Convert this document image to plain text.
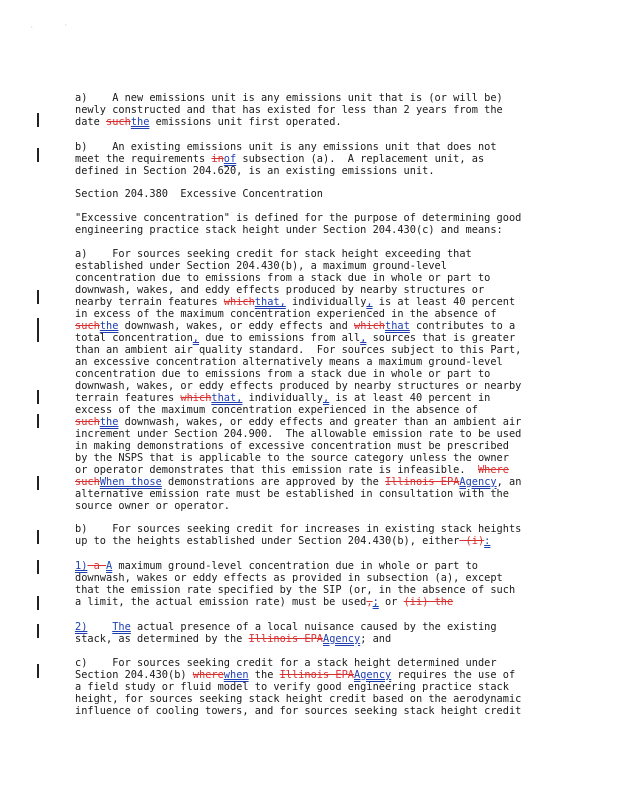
·	·
a)    A new emissions unit is any emissions unit that is (or will be)
newly constructed and that has existed for less than 2 years from the
date suchthe emissions unit first operated.
b)    An existing emissions unit is any emissions unit that does not
meet the requirements inof subsection (a).  A replacement unit, as
defined in Section 204.620, is an existing emissions unit.
Section 204.380  Excessive Concentration
"Excessive concentration" is defined for the purpose of determining good
engineering practice stack height under Section 204.430(c) and means:
a)    For sources seeking credit for stack height exceeding that
established under Section 204.430(b), a maximum ground-level
concentration due to emissions from a stack due in whole or part to
downwash, wakes, and eddy effects produced by nearby structures or
nearby terrain features whichthat, individually, is at least 40 percent
in excess of the maximum concentration experienced in the absence of
suchthe downwash, wakes, or eddy effects and whichthat contributes to a
total concentration, due to emissions from all, sources that is greater
than an ambient air quality standard.  For sources subject to this Part,
an excessive concentration alternatively means a maximum ground-level
concentration due to emissions from a stack due in whole or part to
downwash, wakes, or eddy effects produced by nearby structures or nearby
terrain features whichthat, individually, is at least 40 percent in
excess of the maximum concentration experienced in the absence of
suchthe downwash, wakes, or eddy effects and greater than an ambient air
increment under Section 204.900.  The allowable emission rate to be used
in making demonstrations of excessive concentration must be prescribed
by the NSPS that is applicable to the source category unless the owner
or operator demonstrates that this emission rate is infeasible.  Where
suchWhen those demonstrations are approved by the Illinois EPAAgency, an
alternative emission rate must be established in consultation with the
source owner or operator.
b)    For sources seeking credit for increases in existing stack heights
up to the heights established under Section 204.430(b), either (i):
1) a A maximum ground-level concentration due in whole or part to
downwash, wakes or eddy effects as provided in subsection (a), except
that the emission rate specified by the SIP (or, in the absence of such
a limit, the actual emission rate) must be used,; or (ii) the
2) The actual presence of a local nuisance caused by the existing
stack, as determined by the Illinois EPAAgency; and
c)    For sources seeking credit for a stack height determined under
Section 204.430(b) wherewhen the Illinois EPAAgency requires the use of
a field study or fluid model to verify good engineering practice stack
height, for sources seeking stack height credit based on the aerodynamic
influence of cooling towers, and for sources seeking stack height credit
